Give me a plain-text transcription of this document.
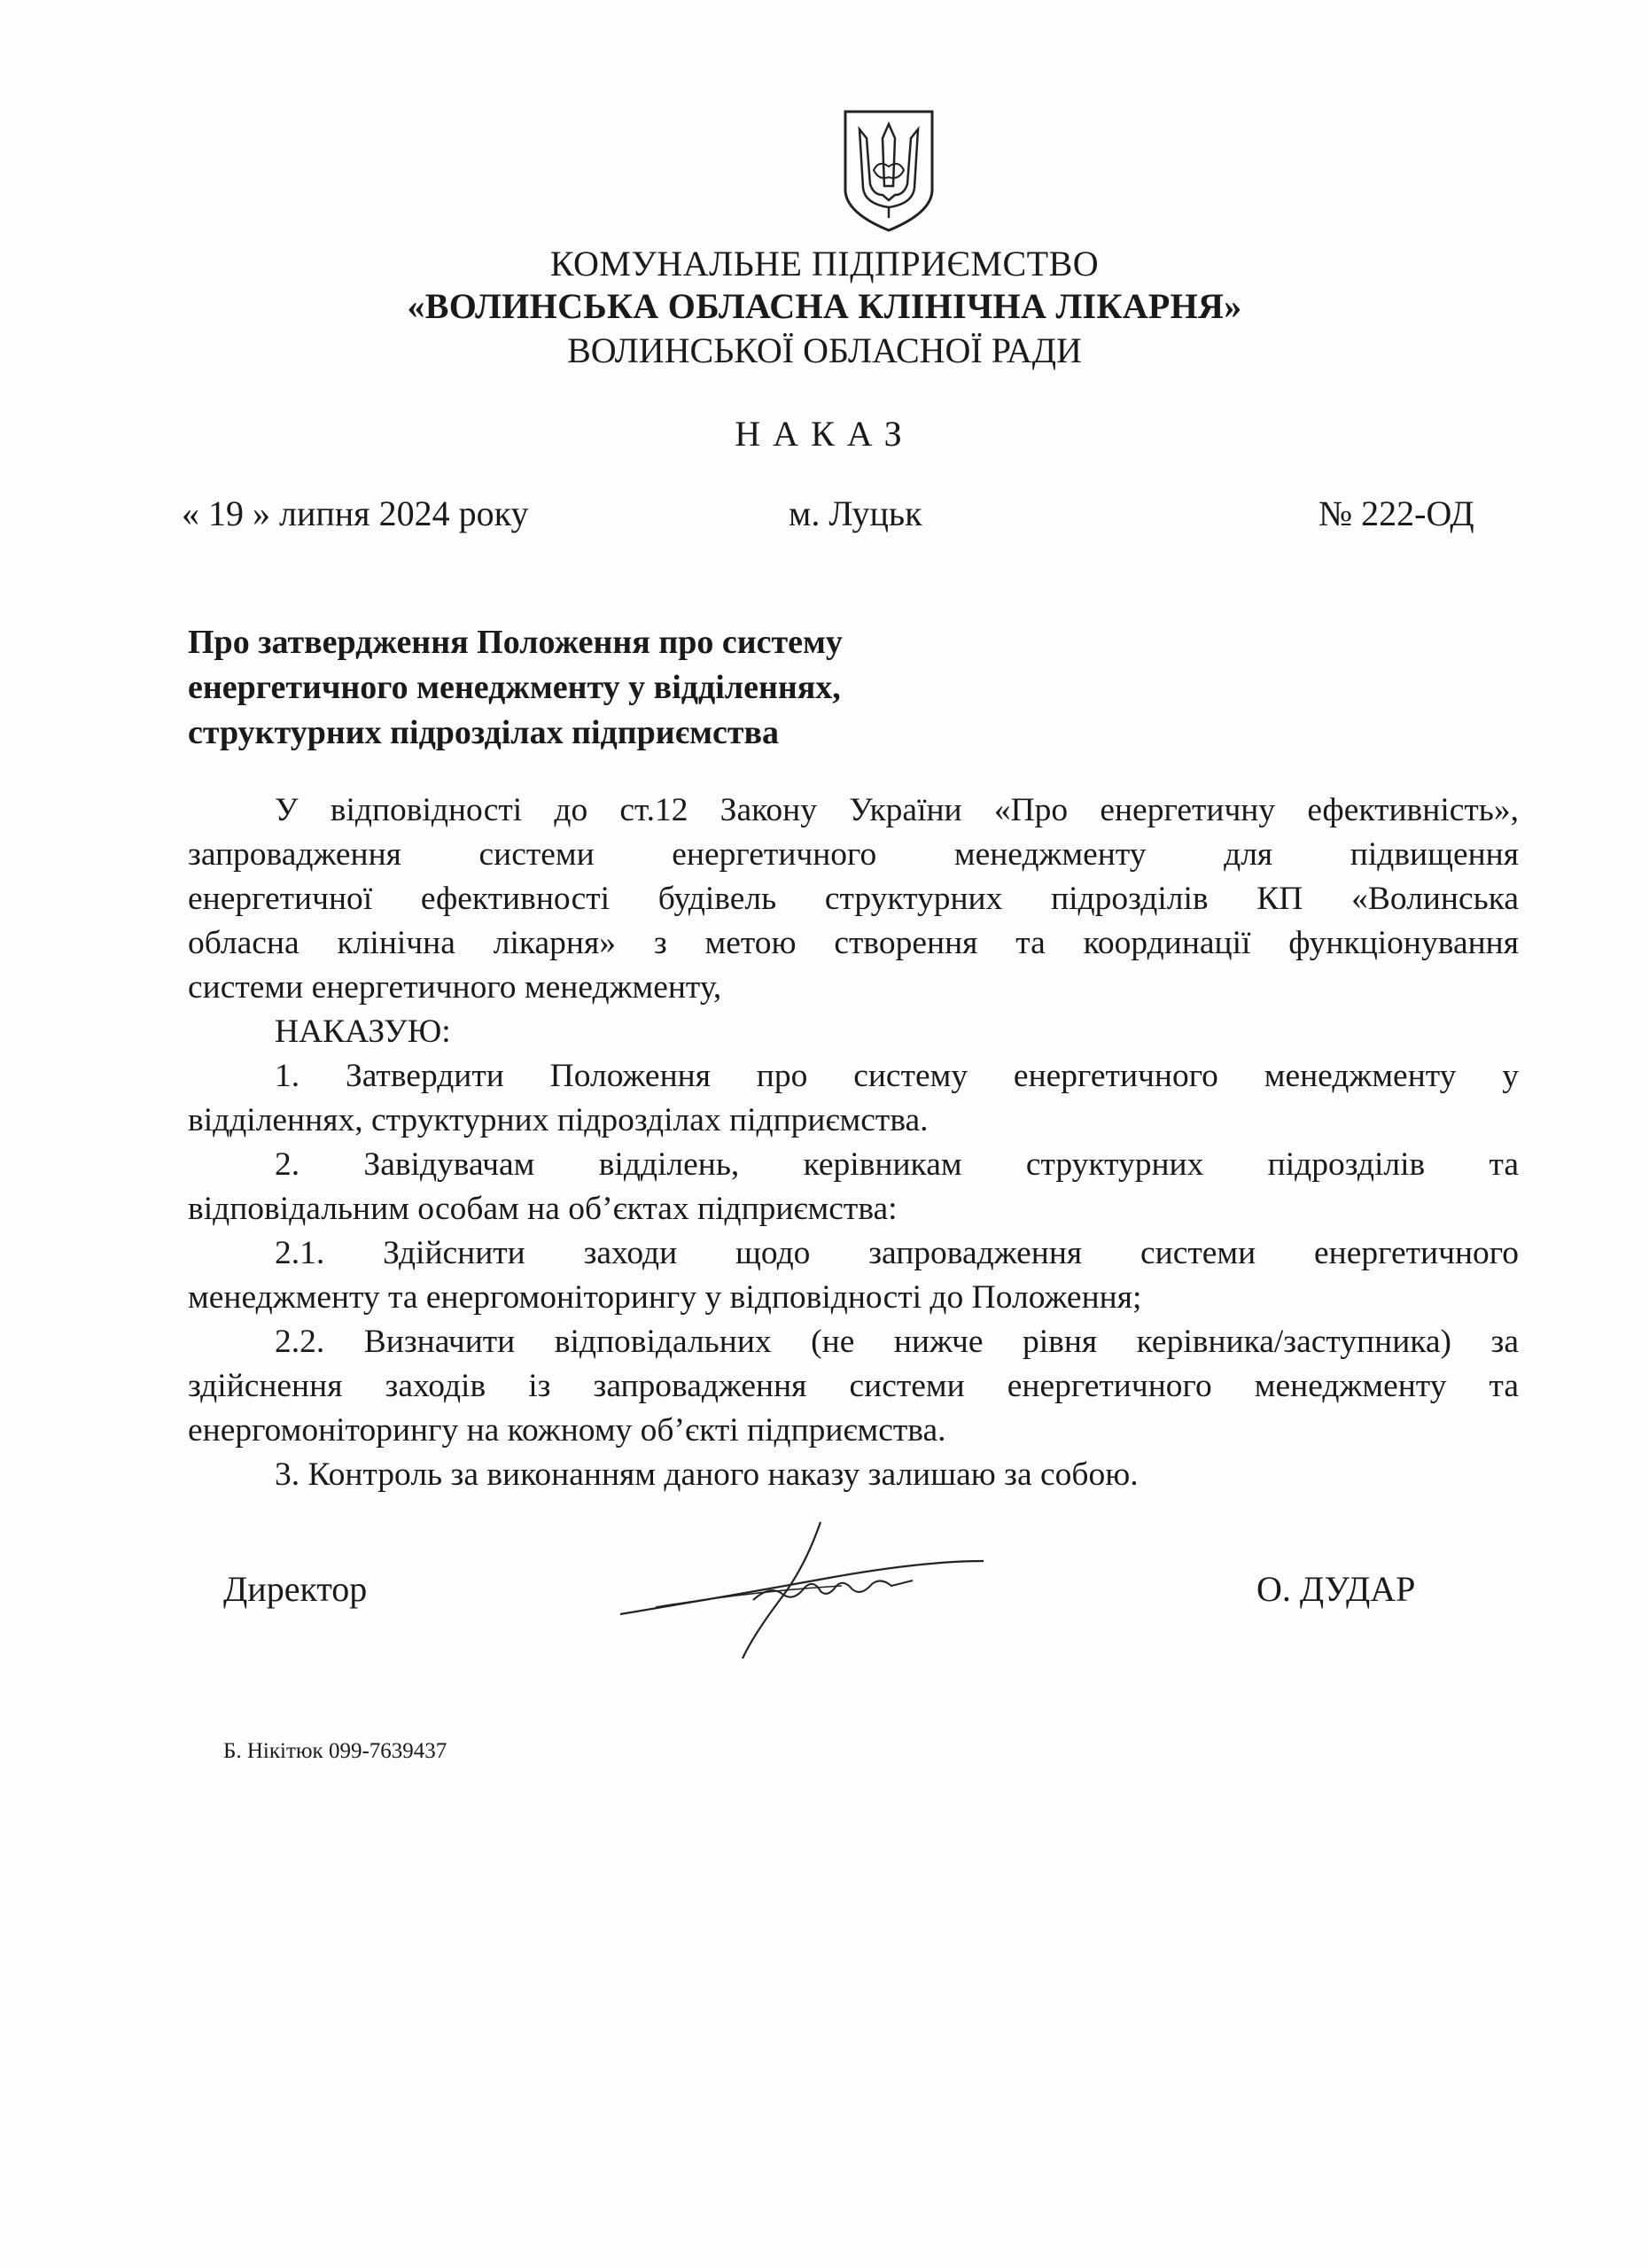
КОМУНАЛЬНЕ ПІДПРИЄМСТВО
«ВОЛИНСЬКА ОБЛАСНА КЛІНІЧНА ЛІКАРНЯ»
ВОЛИНСЬКОЇ ОБЛАСНОЇ РАДИ
НАКАЗ
« 19 » липня 2024 року	м. Луцьк	№ 222-ОД
Про затвердження Положення про систему
енергетичного менеджменту у відділеннях,
структурних підрозділах підприємства
У відповідності до ст.12 Закону України «Про енергетичну ефективність»,
запровадження системи енергетичного менеджменту для підвищення
енергетичної ефективності будівель структурних підрозділів КП «Волинська
обласна клінічна лікарня» з метою створення та координації функціонування
системи енергетичного менеджменту,
НАКАЗУЮ:
1. Затвердити Положення про систему енергетичного менеджменту у
відділеннях, структурних підрозділах підприємства.
2. Завідувачам відділень, керівникам структурних підрозділів та
відповідальним особам на об’єктах підприємства:
2.1. Здійснити заходи щодо запровадження системи енергетичного
менеджменту та енергомоніторингу у відповідності до Положення;
2.2. Визначити відповідальних (не нижче рівня керівника/заступника) за
здійснення заходів із запровадження системи енергетичного менеджменту та
енергомоніторингу на кожному об’єкті підприємства.
3. Контроль за виконанням даного наказу залишаю за собою.
Директор	О. ДУДАР
Б. Нікітюк 099-7639437
